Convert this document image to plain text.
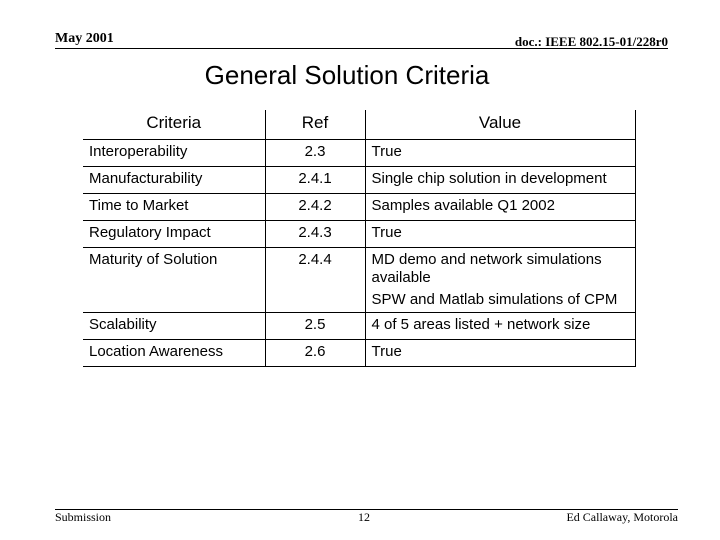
May 2001	doc.: IEEE 802.15-01/228r0
General Solution Criteria
Criteria	Ref	Value
Interoperability	2.3	True

Manufacturability	2.4.1	Single chip solution in development

Time to Market	2.4.2	Samples available Q1 2002

Regulatory Impact	2.4.3	True

Maturity of Solution	2.4.4	MD demo and network simulations available
SPW and Matlab simulations of CPM

Scalability	2.5	4 of 5 areas listed + network size

Location Awareness	2.6	True
Submission	12	Ed Callaway, Motorola
